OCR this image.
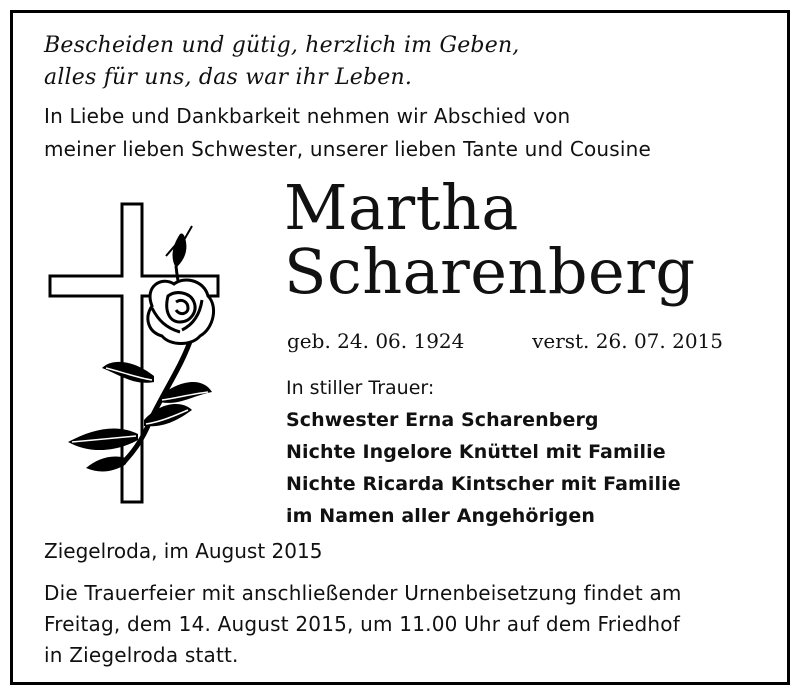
Bescheiden und gütig, herzlich im Geben,
alles für uns, das war ihr Leben.
In Liebe und Dankbarkeit nehmen wir Abschied von
meiner lieben Schwester, unserer lieben Tante und Cousine
Martha
Scharenberg
geb. 24. 06. 1924	verst. 26. 07. 2015
In stiller Trauer:
Schwester Erna Scharenberg
Nichte Ingelore Knüttel mit Familie
Nichte Ricarda Kintscher mit Familie
im Namen aller Angehörigen
Ziegelroda, im August 2015
Die Trauerfeier mit anschließender Urnenbeisetzung findet am
Freitag, dem 14. August 2015, um 11.00 Uhr auf dem Friedhof
in Ziegelroda statt.
